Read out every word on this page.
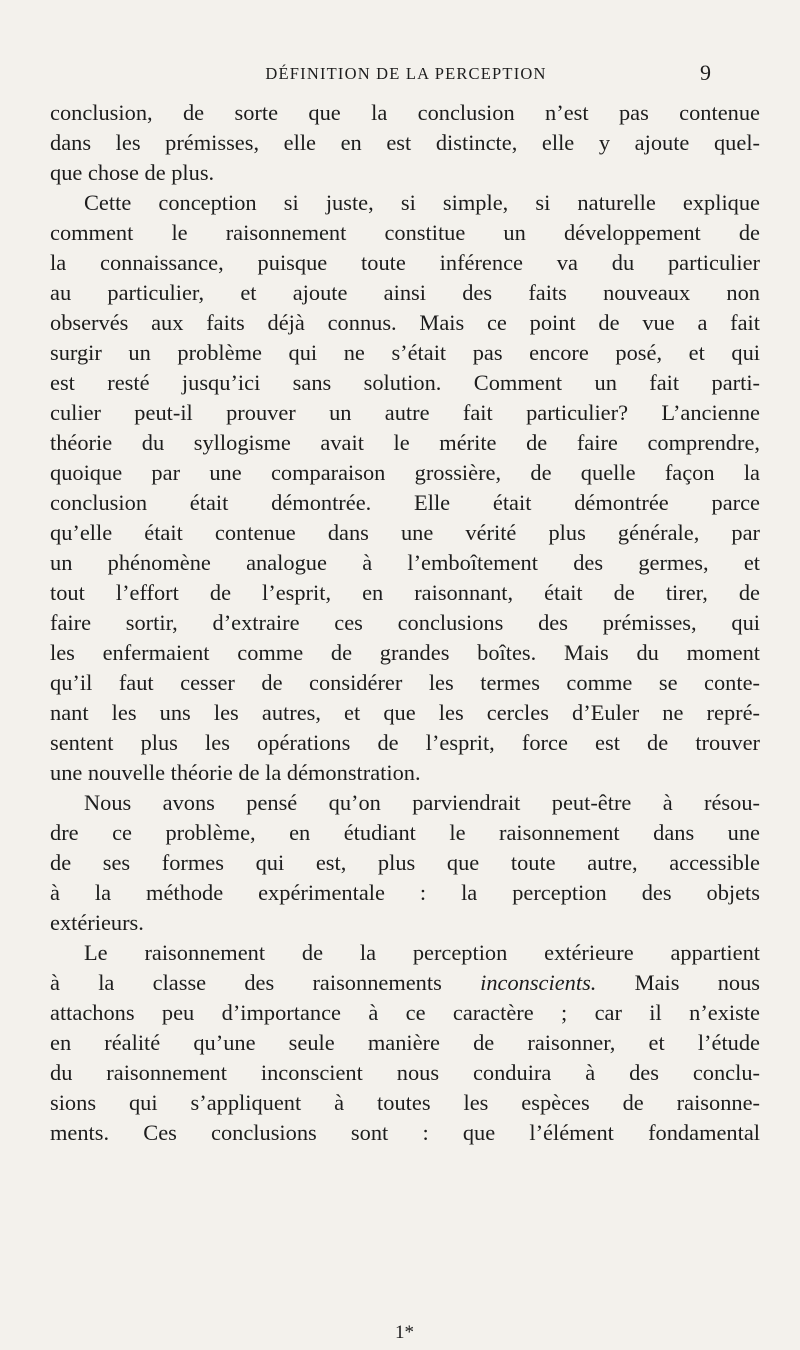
DÉFINITION DE LA PERCEPTION	9
conclusion, de sorte que la conclusion n’est pas contenue
dans les prémisses, elle en est distincte, elle y ajoute quel-
que chose de plus.
Cette conception si juste, si simple, si naturelle explique
comment le raisonnement constitue un développement de
la connaissance, puisque toute inférence va du particulier
au particulier, et ajoute ainsi des faits nouveaux non
observés aux faits déjà connus. Mais ce point de vue a fait
surgir un problème qui ne s’était pas encore posé, et qui
est resté jusqu’ici sans solution. Comment un fait parti-
culier peut-il prouver un autre fait particulier? L’ancienne
théorie du syllogisme avait le mérite de faire comprendre,
quoique par une comparaison grossière, de quelle façon la
conclusion était démontrée. Elle était démontrée parce
qu’elle était contenue dans une vérité plus générale, par
un phénomène analogue à l’emboîtement des germes, et
tout l’effort de l’esprit, en raisonnant, était de tirer, de
faire sortir, d’extraire ces conclusions des prémisses, qui
les enfermaient comme de grandes boîtes. Mais du moment
qu’il faut cesser de considérer les termes comme se conte-
nant les uns les autres, et que les cercles d’Euler ne repré-
sentent plus les opérations de l’esprit, force est de trouver
une nouvelle théorie de la démonstration.
Nous avons pensé qu’on parviendrait peut-être à résou-
dre ce problème, en étudiant le raisonnement dans une
de ses formes qui est, plus que toute autre, accessible
à la méthode expérimentale : la perception des objets
extérieurs.
Le raisonnement de la perception extérieure appartient
à la classe des raisonnements inconscients. Mais nous
attachons peu d’importance à ce caractère ; car il n’existe
en réalité qu’une seule manière de raisonner, et l’étude
du raisonnement inconscient nous conduira à des conclu-
sions qui s’appliquent à toutes les espèces de raisonne-
ments. Ces conclusions sont : que l’élément fondamental
1*
